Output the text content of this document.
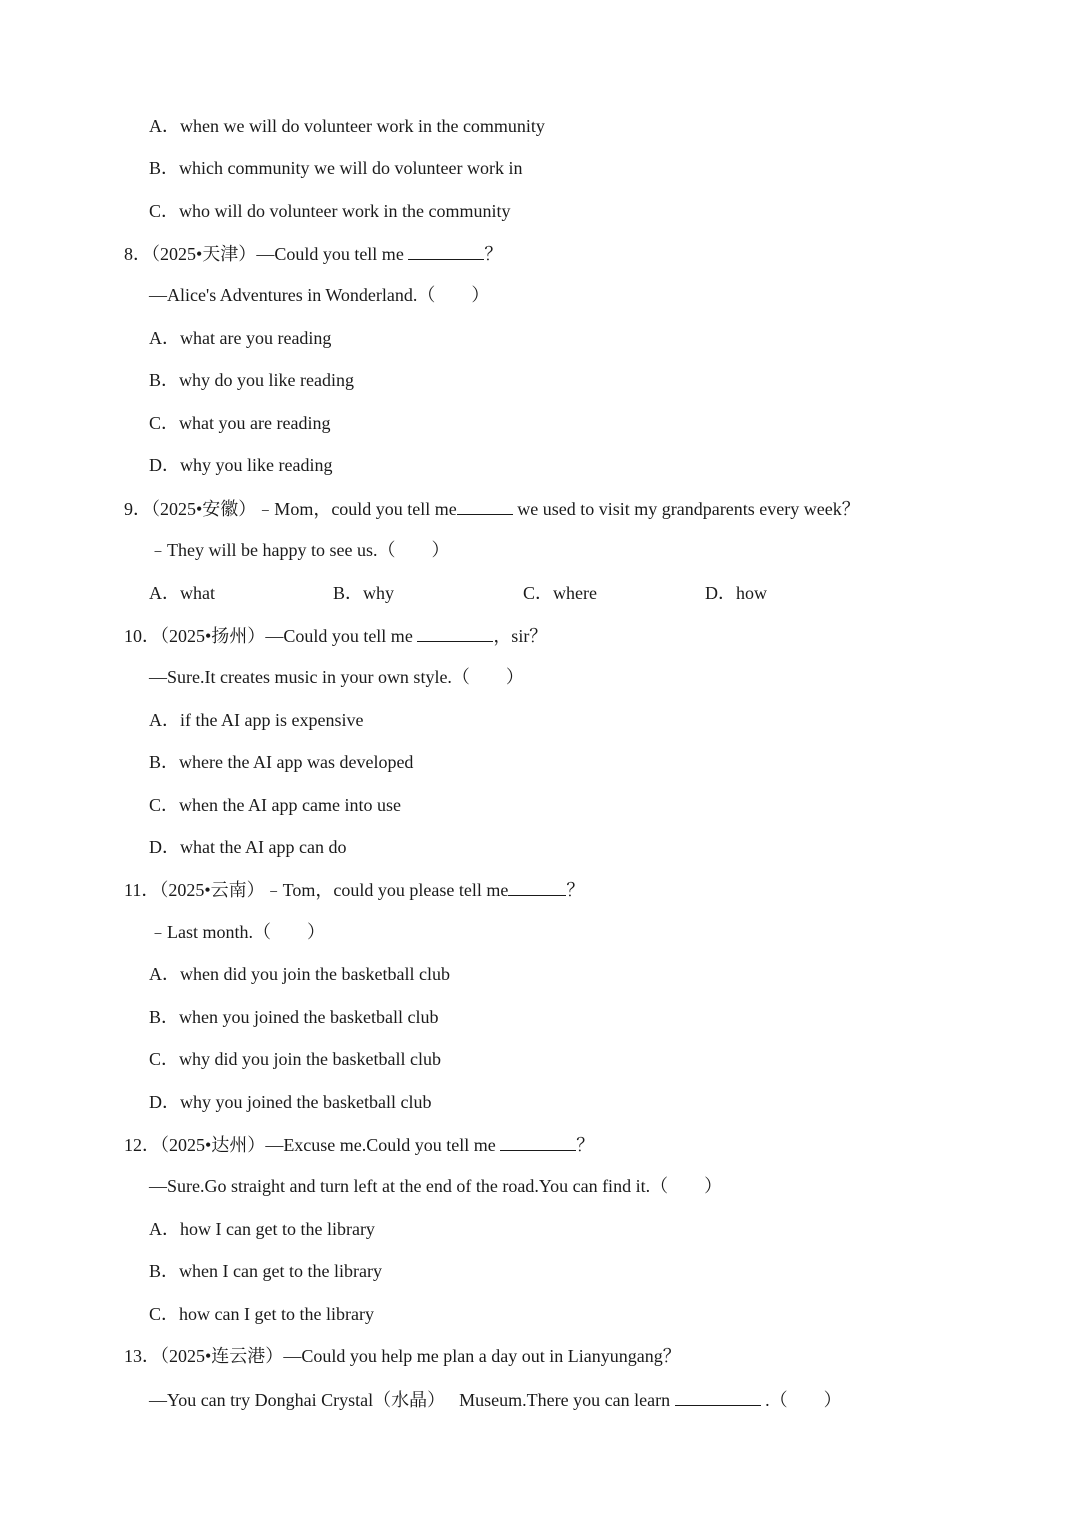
A．when we will do volunteer work in the community
B．which community we will do volunteer work in
C．who will do volunteer work in the community
8．（2025•天津）—Could you tell me	？
—Alice's Adventures in Wonderland.（　　）
A．what are you reading
B．why do you like reading
C．what you are reading
D．why you like reading
9．（2025•安徽）﹣Mom，could you tell me	we used to visit my grandparents every week？
﹣They will be happy to see us.（　　）
A．what	B．why	C．where	D．how
10．（2025•扬州）—Could you tell me	，sir？
—Sure.It creates music in your own style.（　　）
A．if the AI app is expensive
B．where the AI app was developed
C．when the AI app came into use
D．what the AI app can do
11．（2025•云南）﹣Tom，could you please tell me	？
﹣Last month.（　　）
A．when did you join the basketball club
B．when you joined the basketball club
C．why did you join the basketball club
D．why you joined the basketball club
12．（2025•达州）—Excuse me.Could you tell me	？
—Sure.Go straight and turn left at the end of the road.You can find it.（　　）
A．how I can get to the library
B．when I can get to the library
C．how can I get to the library
13．（2025•连云港）—Could you help me plan a day out in Lianyungang？
—You can try Donghai Crystal（水晶） Museum.There you can learn	.（　　）
